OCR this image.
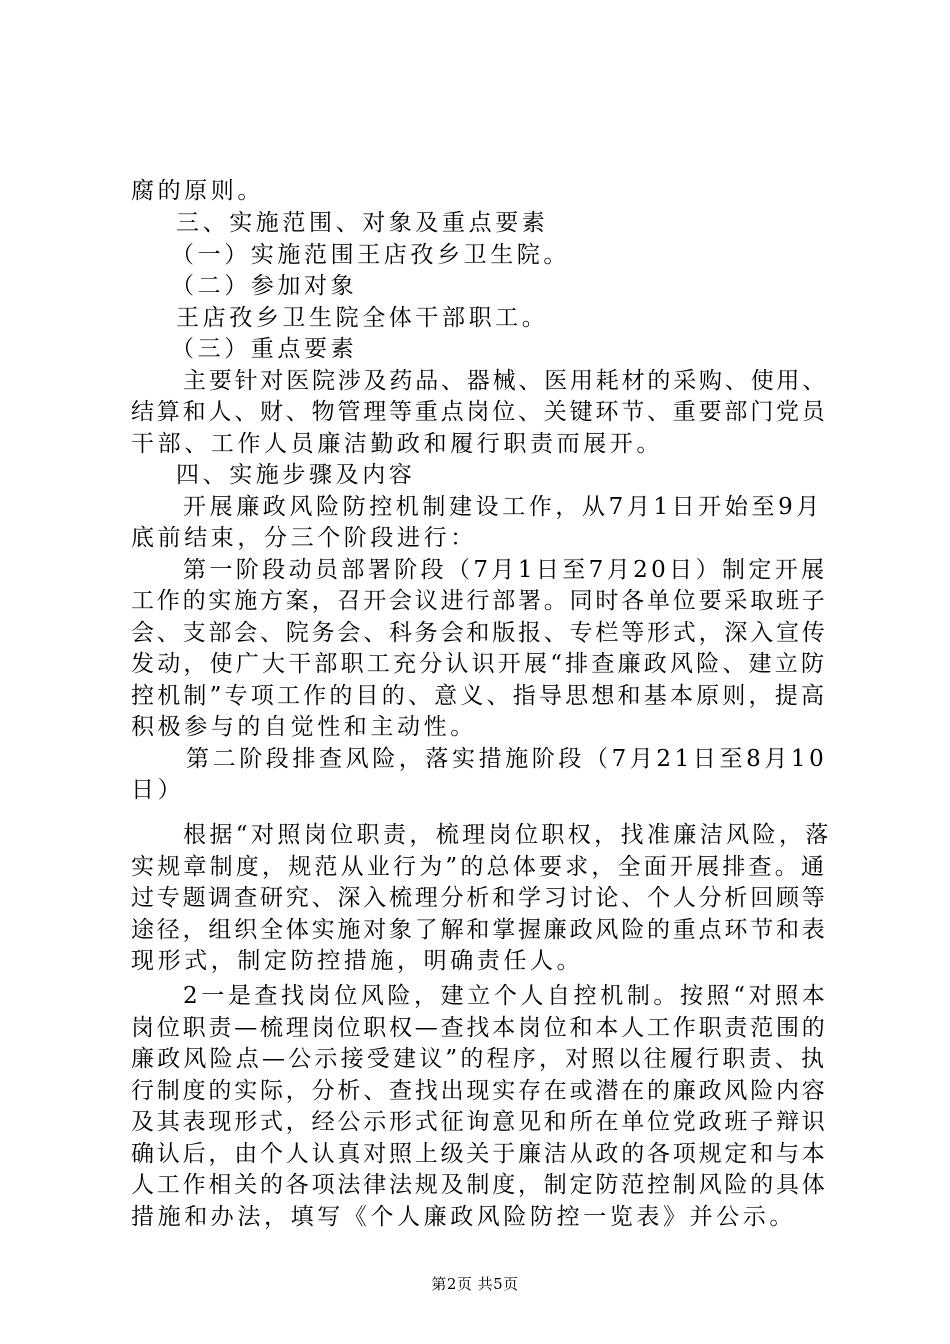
腐的原则。
三、实施范围、对象及重点要素
（一）实施范围王店孜乡卫生院。
（二）参加对象
王店孜乡卫生院全体干部职工。
（三）重点要素
主要针对医院涉及药品、器械、医用耗材的采购、使用、
结算和人、财、物管理等重点岗位、关键环节、重要部门党员
干部、工作人员廉洁勤政和履行职责而展开。
四、实施步骤及内容
开展廉政风险防控机制建设工作，从7月1日开始至9月
底前结束，分三个阶段进行：
第一阶段动员部署阶段（7月1日至7月20日）制定开展
工作的实施方案，召开会议进行部署。同时各单位要采取班子
会、支部会、院务会、科务会和版报、专栏等形式，深入宣传
发动，使广大干部职工充分认识开展“排查廉政风险、建立防
控机制”专项工作的目的、意义、指导思想和基本原则，提高
积极参与的自觉性和主动性。
第二阶段排查风险，落实措施阶段（7月21日至8月10
日）
根据“对照岗位职责，梳理岗位职权，找准廉洁风险，落
实规章制度，规范从业行为”的总体要求，全面开展排查。通
过专题调查研究、深入梳理分析和学习讨论、个人分析回顾等
途径，组织全体实施对象了解和掌握廉政风险的重点环节和表
现形式，制定防控措施，明确责任人。
2一是查找岗位风险，建立个人自控机制。按照“对照本
岗位职责—梳理岗位职权—查找本岗位和本人工作职责范围的
廉政风险点—公示接受建议”的程序，对照以往履行职责、执
行制度的实际，分析、查找出现实存在或潜在的廉政风险内容
及其表现形式，经公示形式征询意见和所在单位党政班子辩识
确认后，由个人认真对照上级关于廉洁从政的各项规定和与本
人工作相关的各项法律法规及制度，制定防范控制风险的具体
措施和办法，填写《个人廉政风险防控一览表》并公示。
第2页 共5页
